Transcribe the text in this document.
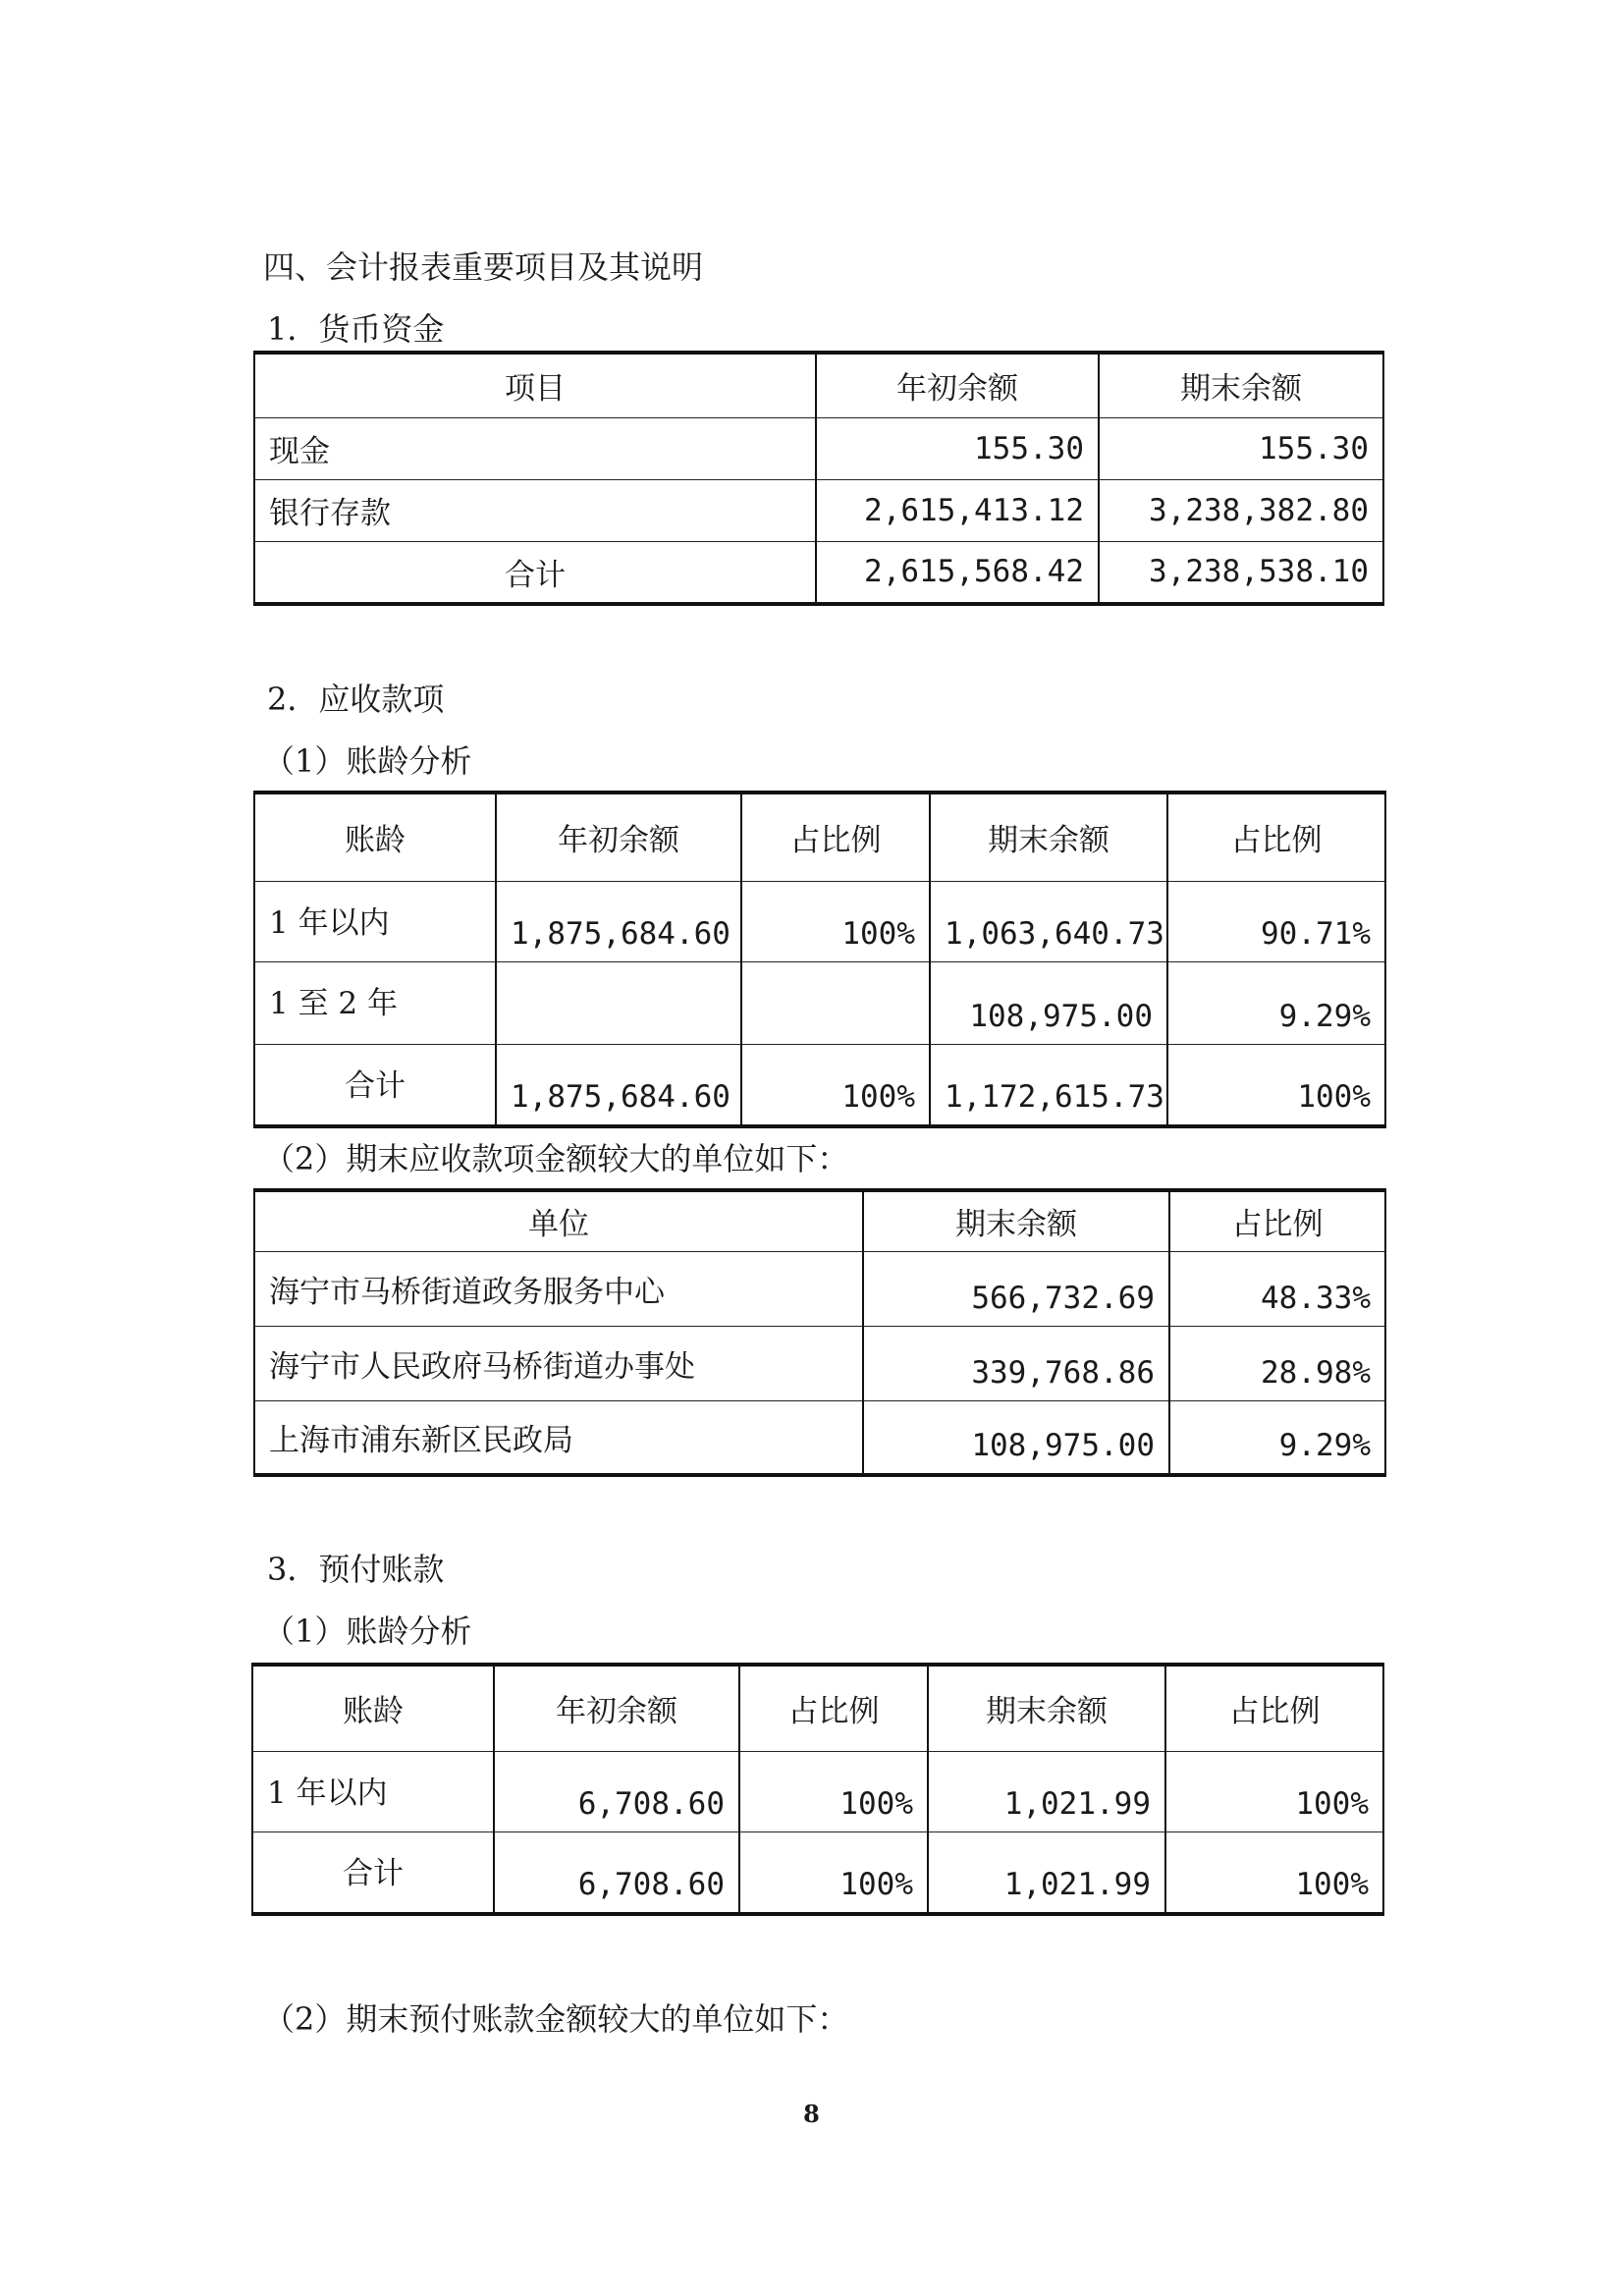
四、会计报表重要项目及其说明
1．货币资金
项目	年初余额	期末余额
现金	155.30	155.30
银行存款	2,615,413.12	3,238,382.80
合计	2,615,568.42	3,238,538.10
2．应收款项
（1）账龄分析
账龄	年初余额	占比例	期末余额	占比例
1 年以内	1,875,684.60	100%	1,063,640.73	90.71%
1 至 2 年			108,975.00	9.29%
合计	1,875,684.60	100%	1,172,615.73	100%
（2）期末应收款项金额较大的单位如下：
单位	期末余额	占比例
海宁市马桥街道政务服务中心	566,732.69	48.33%
海宁市人民政府马桥街道办事处	339,768.86	28.98%
上海市浦东新区民政局	108,975.00	9.29%
3．预付账款
（1）账龄分析
账龄	年初余额	占比例	期末余额	占比例
1 年以内	6,708.60	100%	1,021.99	100%
合计	6,708.60	100%	1,021.99	100%
（2）期末预付账款金额较大的单位如下：
8
